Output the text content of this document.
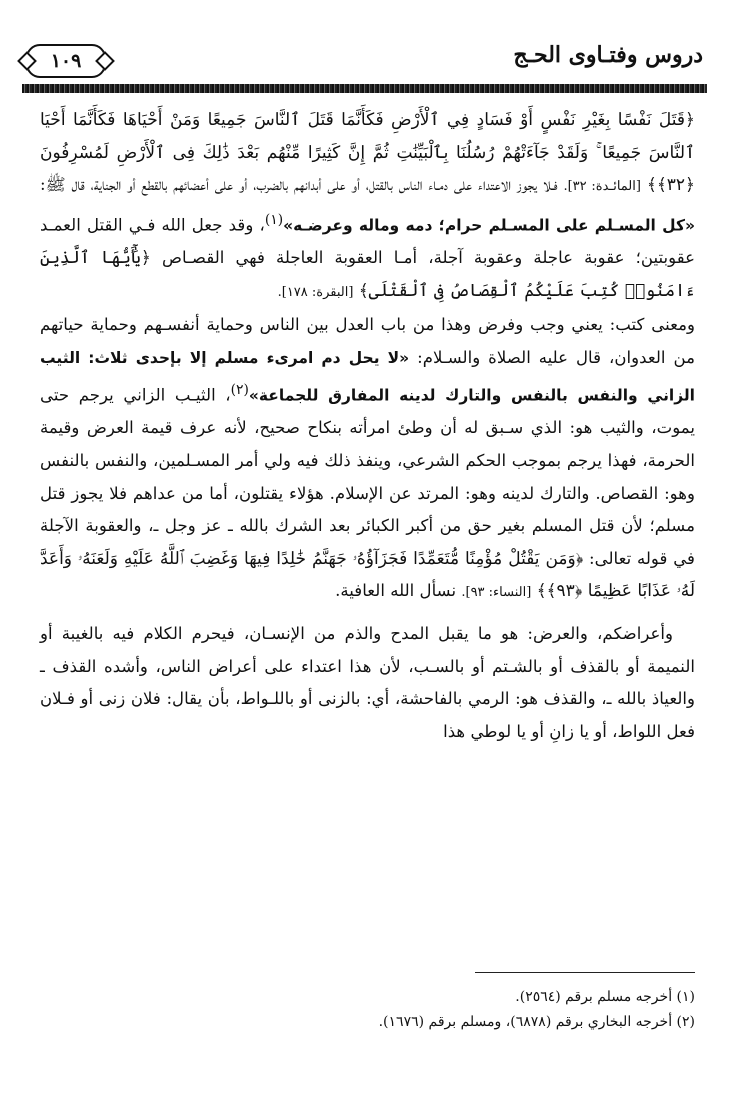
١٠٩	دروس وفتـاوى الحـج

﴿قَتَلَ نَفْسًا بِغَيْرِ نَفْسٍ أَوْ فَسَادٍ فِي ٱلْأَرْضِ فَكَأَنَّمَا قَتَلَ ٱلنَّاسَ جَمِيعًا وَمَنْ أَحْيَاهَا فَكَأَنَّمَا أَحْيَا ٱلنَّاسَ جَمِيعًا ۚ وَلَقَدْ جَآءَتْهُمْ رُسُلُنَا بِٱلْبَيِّنَٰتِ ثُمَّ إِنَّ كَثِيرًا مِّنْهُم بَعْدَ ذَٰلِكَ فِى ٱلْأَرْضِ لَمُسْرِفُونَ ﴿٣٢﴾﴾ [المائـدة: ٣٢]. فـلا يجوز الاعتداء على دمـاء الناس بالقتل، أو على أبدانهم بالضرب، أو على أعضائهم بالقطع أو الجناية، قال ﷺ: «كل المسـلم على المسـلم حرام؛ دمه وماله وعرضـه»$^{(١)}$، وقد جعل الله فـي القتل العمـد عقوبتين؛ عقوبة عاجلة وعقوبة آجلة، أمـا العقوبة العاجلة فهي القصـاص ﴿يَٰٓأَيُّهَا ٱلَّذِينَ ءَامَنُوا۟ كُتِبَ عَلَيْكُمُ ٱلْقِصَاصُ فِى ٱلْقَتْلَى﴾ [البقرة: ١٧٨].

ومعنى كتب: يعني وجب وفرض وهذا من باب العدل بين الناس وحماية أنفسـهم وحماية حياتهم من العدوان، قال عليه الصلاة والسـلام: «لا يحل دم امرىء مسلم إلا بإحدى ثلاث: الثيب الزاني والنفس بالنفس والتارك لدينه المفارق للجماعة»$^{(٢)}$، الثيـب الزاني يرجم حتى يموت، والثيب هو: الذي سـبق له أن وطئ امرأته بنكاح صحيح، لأنه عرف قيمة العرض وقيمة الحرمة، فهذا يرجم بموجب الحكم الشرعي، وينفذ ذلك فيه ولي أمر المسـلمين، والنفس بالنفس وهو: القصاص. والتارك لدينه وهو: المرتد عن الإسلام. هؤلاء يقتلون، أما من عداهم فلا يجوز قتل مسلم؛ لأن قتل المسلم بغير حق من أكبر الكبائر بعد الشرك بالله ـ عز وجل ـ، والعقوبة الآجلة في قوله تعالى: ﴿وَمَن يَقْتُلْ مُؤْمِنًا مُّتَعَمِّدًا فَجَزَآؤُهُۥ جَهَنَّمُ خَٰلِدًا فِيهَا وَغَضِبَ ٱللَّهُ عَلَيْهِ وَلَعَنَهُۥ وَأَعَدَّ لَهُۥ عَذَابًا عَظِيمًا ﴿٩٣﴾﴾ [النساء: ٩٣]. نسأل الله العافية.

وأعراضكم، والعرض: هو ما يقبل المدح والذم من الإنسـان، فيحرم الكلام فيه بالغيبة أو النميمة أو بالقذف أو بالشـتم أو بالسـب، لأن هذا اعتداء على أعراض الناس، وأشده القذف ـ والعياذ بالله ـ، والقذف هو: الرمي بالفاحشة، أي: بالزنى أو باللـواط، بأن يقال: فلان زنى أو فـلان فعل اللواط، أو يا زانِ أو يا لوطي هذا

(١) أخرجه مسلم برقم (٢٥٦٤).
(٢) أخرجه البخاري برقم (٦٨٧٨)، ومسلم برقم (١٦٧٦).
